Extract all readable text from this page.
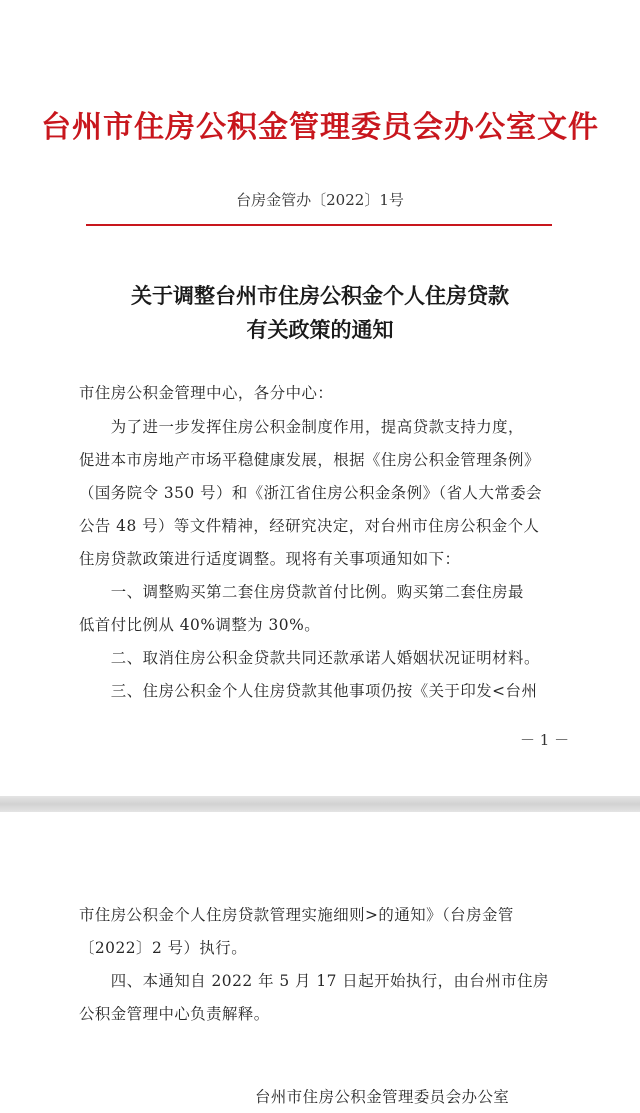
台州市住房公积金管理委员会办公室文件
台房金管办〔2022〕1号
关于调整台州市住房公积金个人住房贷款
有关政策的通知
市住房公积金管理中心，各分中心：
　　为了进一步发挥住房公积金制度作用，提高贷款支持力度，
促进本市房地产市场平稳健康发展，根据《住房公积金管理条例》
（国务院令 350 号）和《浙江省住房公积金条例》（省人大常委会
公告 48 号）等文件精神，经研究决定，对台州市住房公积金个人
住房贷款政策进行适度调整。现将有关事项通知如下：
　　一、调整购买第二套住房贷款首付比例。购买第二套住房最
低首付比例从 40%调整为 30%。
　　二、取消住房公积金贷款共同还款承诺人婚姻状况证明材料。
　　三、住房公积金个人住房贷款其他事项仍按《关于印发<台州
－ 1 －
市住房公积金个人住房贷款管理实施细则>的通知》（台房金管
〔2022〕2 号）执行。
　　四、本通知自 2022 年 5 月 17 日起开始执行，由台州市住房
公积金管理中心负责解释。
台州市住房公积金管理委员会办公室
